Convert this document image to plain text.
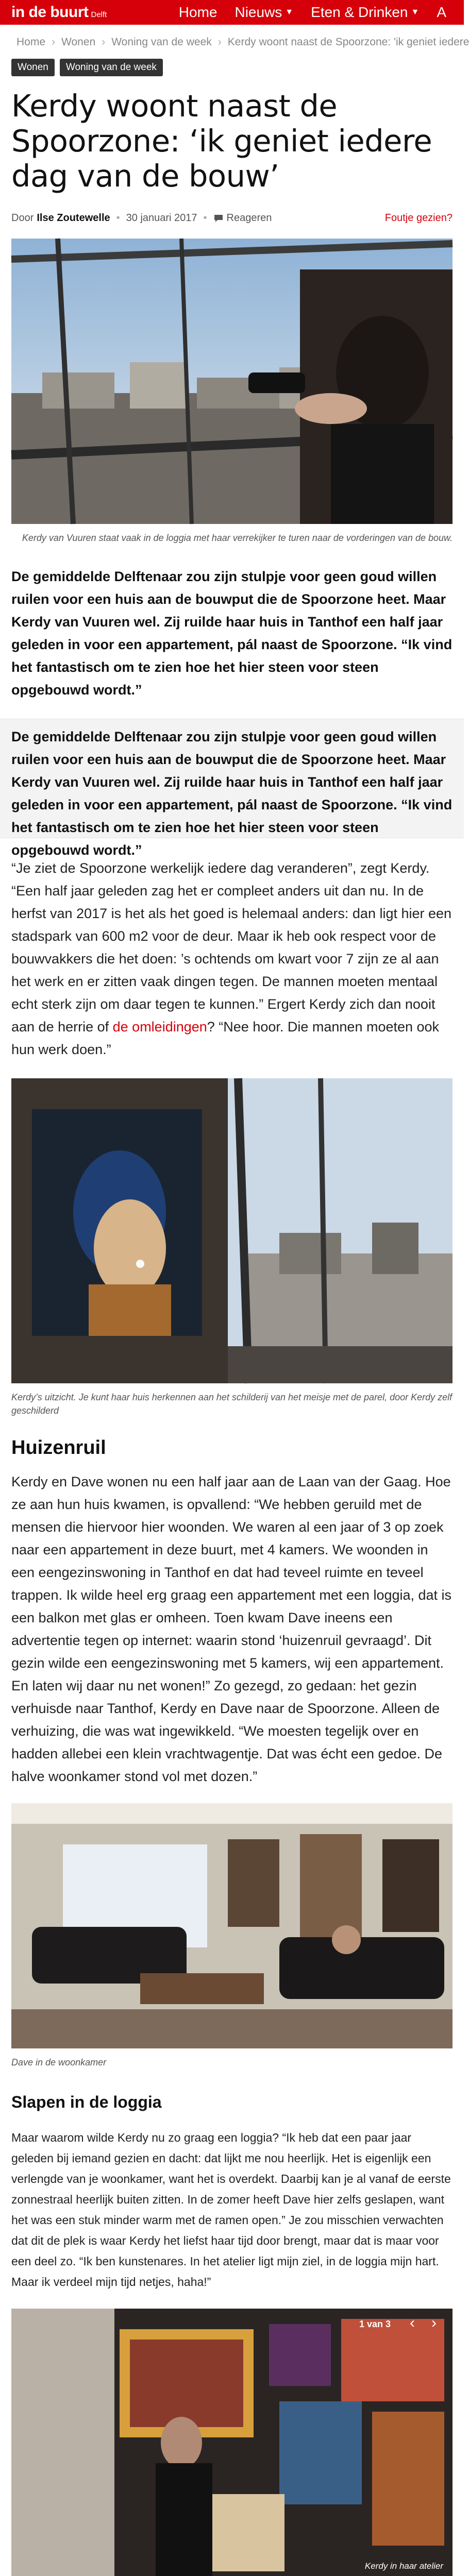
in de buurt Delft	Home Nieuws ▼ Eten & Drinken ▼ A
Home › Wonen › Woning van de week › Kerdy woont naast de Spoorzone: 'ik geniet iedere
Wonen	Woning van de week
Kerdy woont naast de Spoorzone: ‘ik geniet iedere dag van de bouw’
Door Ilse Zoutewelle • 30 januari 2017 • Reageren	Foutje gezien?
Kerdy van Vuuren staat vaak in de loggia met haar verrekijker te turen naar de vorderingen van de bouw.
De gemiddelde Delftenaar zou zijn stulpje voor geen goud willen ruilen voor een huis aan de bouwput die de Spoorzone heet. Maar Kerdy van Vuuren wel. Zij ruilde haar huis in Tanthof een half jaar geleden in voor een appartement, pál naast de Spoorzone. “Ik vind het fantastisch om te zien hoe het hier steen voor steen opgebouwd wordt.”
De gemiddelde Delftenaar zou zijn stulpje voor geen goud willen ruilen voor een huis aan de bouwput die de Spoorzone heet. Maar Kerdy van Vuuren wel. Zij ruilde haar huis in Tanthof een half jaar geleden in voor een appartement, pál naast de Spoorzone. “Ik vind het fantastisch om te zien hoe het hier steen voor steen opgebouwd wordt.”

“Je ziet de Spoorzone werkelijk iedere dag veranderen”, zegt Kerdy. “Een half jaar geleden zag het er compleet anders uit dan nu. In de herfst van 2017 is het als het goed is helemaal anders: dan ligt hier een stadspark van 600 m2 voor de deur. Maar ik heb ook respect voor de bouwvakkers die het doen: ’s ochtends om kwart voor 7 zijn ze al aan het werk en er zitten vaak dingen tegen. De mannen moeten mentaal echt sterk zijn om daar tegen te kunnen.” Ergert Kerdy zich dan nooit aan de herrie of de omleidingen? “Nee hoor. Die mannen moeten ook hun werk doen.”

Kerdy’s uitzicht. Je kunt haar huis herkennen aan het schilderij van het meisje met de parel, door Kerdy zelf geschilderd
Huizenruil

Kerdy en Dave wonen nu een half jaar aan de Laan van der Gaag. Hoe ze aan hun huis kwamen, is opvallend: “We hebben geruild met de mensen die hiervoor hier woonden. We waren al een jaar of 3 op zoek naar een appartement in deze buurt, met 4 kamers. We woonden in een eengezinswoning in Tanthof en dat had teveel ruimte en teveel trappen. Ik wilde heel erg graag een appartement met een loggia, dat is een balkon met glas er omheen. Toen kwam Dave ineens een advertentie tegen op internet: waarin stond ‘huizenruil gevraagd’. Dit gezin wilde een eengezinswoning met 5 kamers, wij een appartement. En laten wij daar nu net wonen!” Zo gezegd, zo gedaan: het gezin verhuisde naar Tanthof, Kerdy en Dave naar de Spoorzone. Alleen de verhuizing, die was wat ingewikkeld. “We moesten tegelijk over en hadden allebei een klein vrachtwagentje. Dat was écht een gedoe. De halve woonkamer stond vol met dozen.”

Dave in de woonkamer
Slapen in de loggia

Maar waarom wilde Kerdy nu zo graag een loggia? “Ik heb dat een paar jaar geleden bij iemand gezien en dacht: dat lijkt me nou heerlijk. Het is eigenlijk een verlengde van je woonkamer, want het is overdekt. Daarbij kan je al vanaf de eerste zonnestraal heerlijk buiten zitten. In de zomer heeft Dave hier zelfs geslapen, want het was een stuk minder warm met de ramen open.” Je zou misschien verwachten dat dit de plek is waar Kerdy het liefst haar tijd door brengt, maar dat is maar voor een deel zo. “Ik ben kunstenares. In het atelier ligt mijn ziel, in de loggia mijn hart. Maar ik verdeel mijn tijd netjes, haha!”

1 van 3	‹	›
Kerdy in haar atelier
